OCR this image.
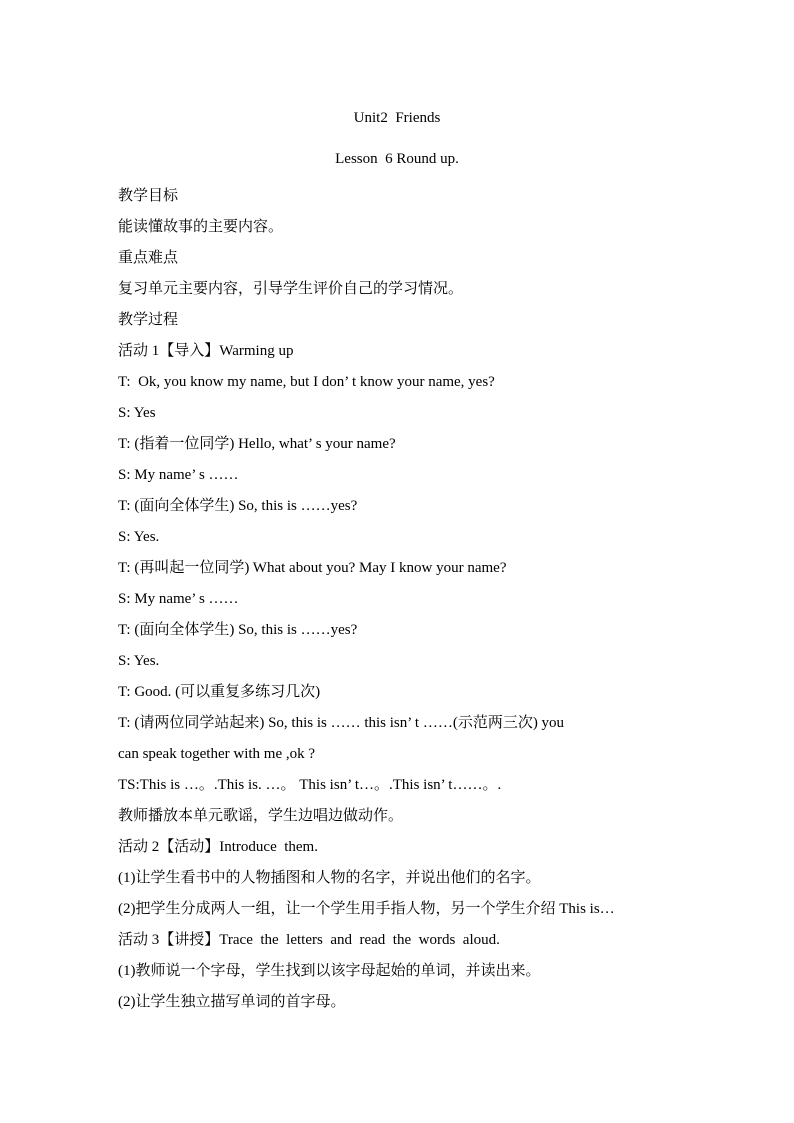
Unit2  Friends
Lesson  6 Round up.
教学目标
能读懂故事的主要内容。
重点难点
复习单元主要内容，引导学生评价自己的学习情况。
教学过程
活动 1【导入】Warming up
T:  Ok, you know my name, but I don’ t know your name, yes?
S: Yes
T: (指着一位同学) Hello, what’ s your name?
S: My name’ s ……
T: (面向全体学生) So, this is ……yes?
S: Yes.
T: (再叫起一位同学) What about you? May I know your name?
S: My name’ s ……
T: (面向全体学生) So, this is ……yes?
S: Yes.
T: Good. (可以重复多练习几次)
T: (请两位同学站起来) So, this is …… this isn’ t ……(示范两三次) you
can speak together with me ,ok ?
TS:This is …。.This is. …。 This isn’ t…。.This isn’ t……。.
教师播放本单元歌谣，学生边唱边做动作。
活动 2【活动】Introduce  them.
(1)让学生看书中的人物插图和人物的名字，并说出他们的名字。
(2)把学生分成两人一组，让一个学生用手指人物，另一个学生介绍 This is…
活动 3【讲授】Trace  the  letters  and  read  the  words  aloud.
(1)教师说一个字母，学生找到以该字母起始的单词，并读出来。
(2)让学生独立描写单词的首字母。
